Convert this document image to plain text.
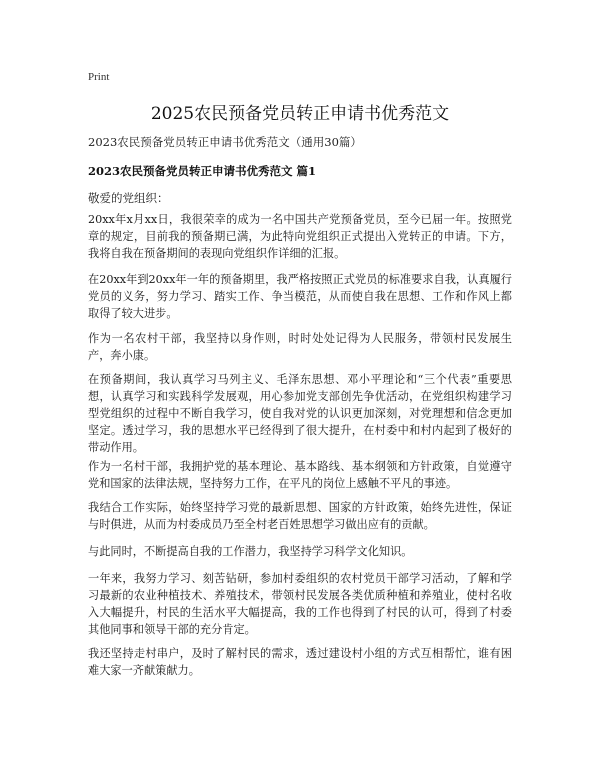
Print
2025农民预备党员转正申请书优秀范文
2023农民预备党员转正申请书优秀范文（通用30篇）
2023农民预备党员转正申请书优秀范文 篇1
敬爱的党组织：
20xx年x月xx日，我很荣幸的成为一名中国共产党预备党员，至今已届一年。按照党章的规定，目前我的预备期已满，为此特向党组织正式提出入党转正的申请。下方，我将自我在预备期间的表现向党组织作详细的汇报。
在20xx年到20xx年一年的预备期里，我严格按照正式党员的标准要求自我，认真履行党员的义务，努力学习、踏实工作、争当模范，从而使自我在思想、工作和作风上都取得了较大进步。
作为一名农村干部，我坚持以身作则，时时处处记得为人民服务，带领村民发展生产，奔小康。
在预备期间，我认真学习马列主义、毛泽东思想、邓小平理论和“三个代表”重要思想，认真学习和实践科学发展观，用心参加党支部创先争优活动，在党组织构建学习型党组织的过程中不断自我学习，使自我对党的认识更加深刻，对党理想和信念更加坚定。透过学习，我的思想水平已经得到了很大提升，在村委中和村内起到了极好的带动作用。
作为一名村干部，我拥护党的基本理论、基本路线、基本纲领和方针政策，自觉遵守党和国家的法律法规，坚持努力工作，在平凡的岗位上感触不平凡的事迹。
我结合工作实际，始终坚持学习党的最新思想、国家的方针政策，始终先进性，保证与时俱进，从而为村委成员乃至全村老百姓思想学习做出应有的贡献。
与此同时，不断提高自我的工作潜力，我坚持学习科学文化知识。
一年来，我努力学习、刻苦钻研，参加村委组织的农村党员干部学习活动，了解和学习最新的农业种植技术、养殖技术，带领村民发展各类优质种植和养殖业，使村名收入大幅提升，村民的生活水平大幅提高，我的工作也得到了村民的认可，得到了村委其他同事和领导干部的充分肯定。
我还坚持走村串户，及时了解村民的需求，透过建设村小组的方式互相帮忙，谁有困难大家一齐献策献力。
